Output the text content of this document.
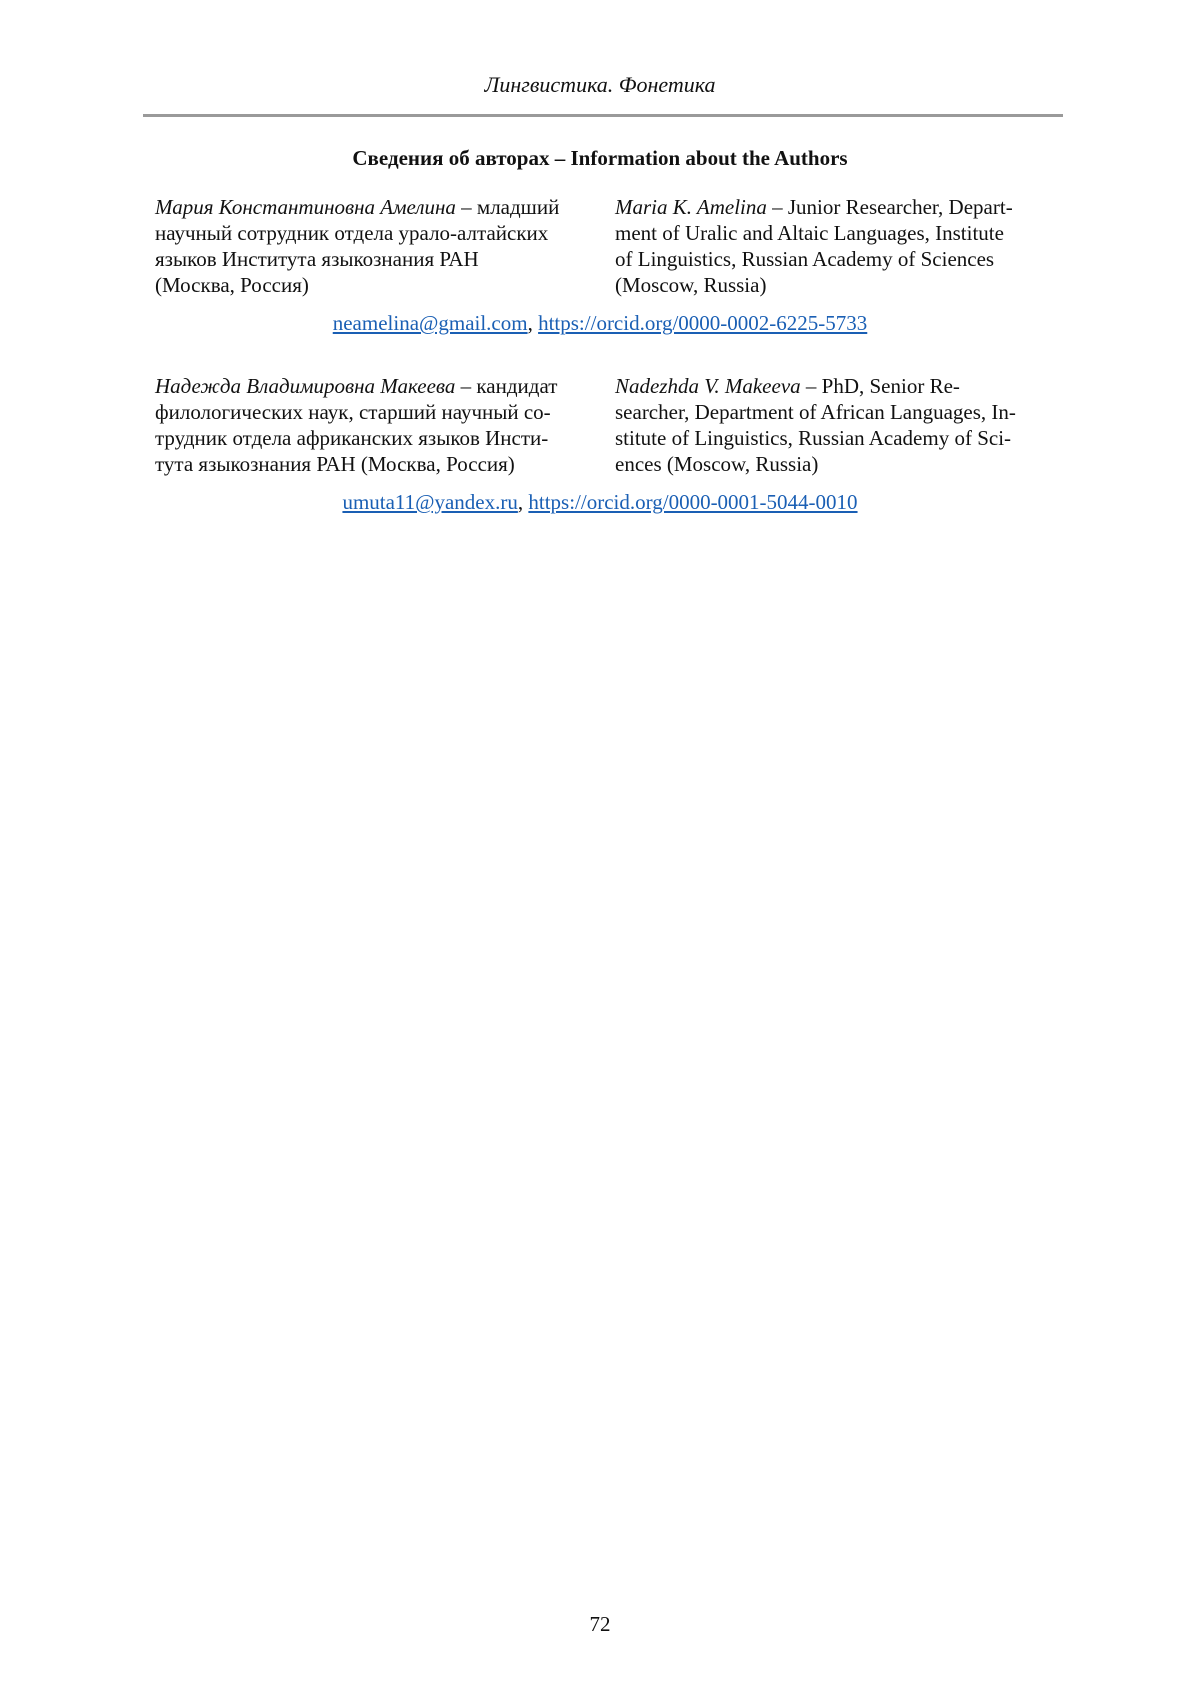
Лингвистика. Фонетика
Сведения об авторах – Information about the Authors
Мария Константиновна Амелина – младший
научный сотрудник отдела урало-алтайских
языков Института языкознания РАН
(Москва, Россия)
Maria K. Amelina – Junior Researcher, Depart-
ment of Uralic and Altaic Languages, Institute
of Linguistics, Russian Academy of Sciences
(Moscow, Russia)
neamelina@gmail.com, https://orcid.org/0000-0002-6225-5733
Надежда Владимировна Макеева – кандидат
филологических наук, старший научный со-
трудник отдела африканских языков Инсти-
тута языкознания РАН (Москва, Россия)
Nadezhda V. Makeeva – PhD, Senior Re-
searcher, Department of African Languages, In-
stitute of Linguistics, Russian Academy of Sci-
ences (Moscow, Russia)
umuta11@yandex.ru, https://orcid.org/0000-0001-5044-0010
72
